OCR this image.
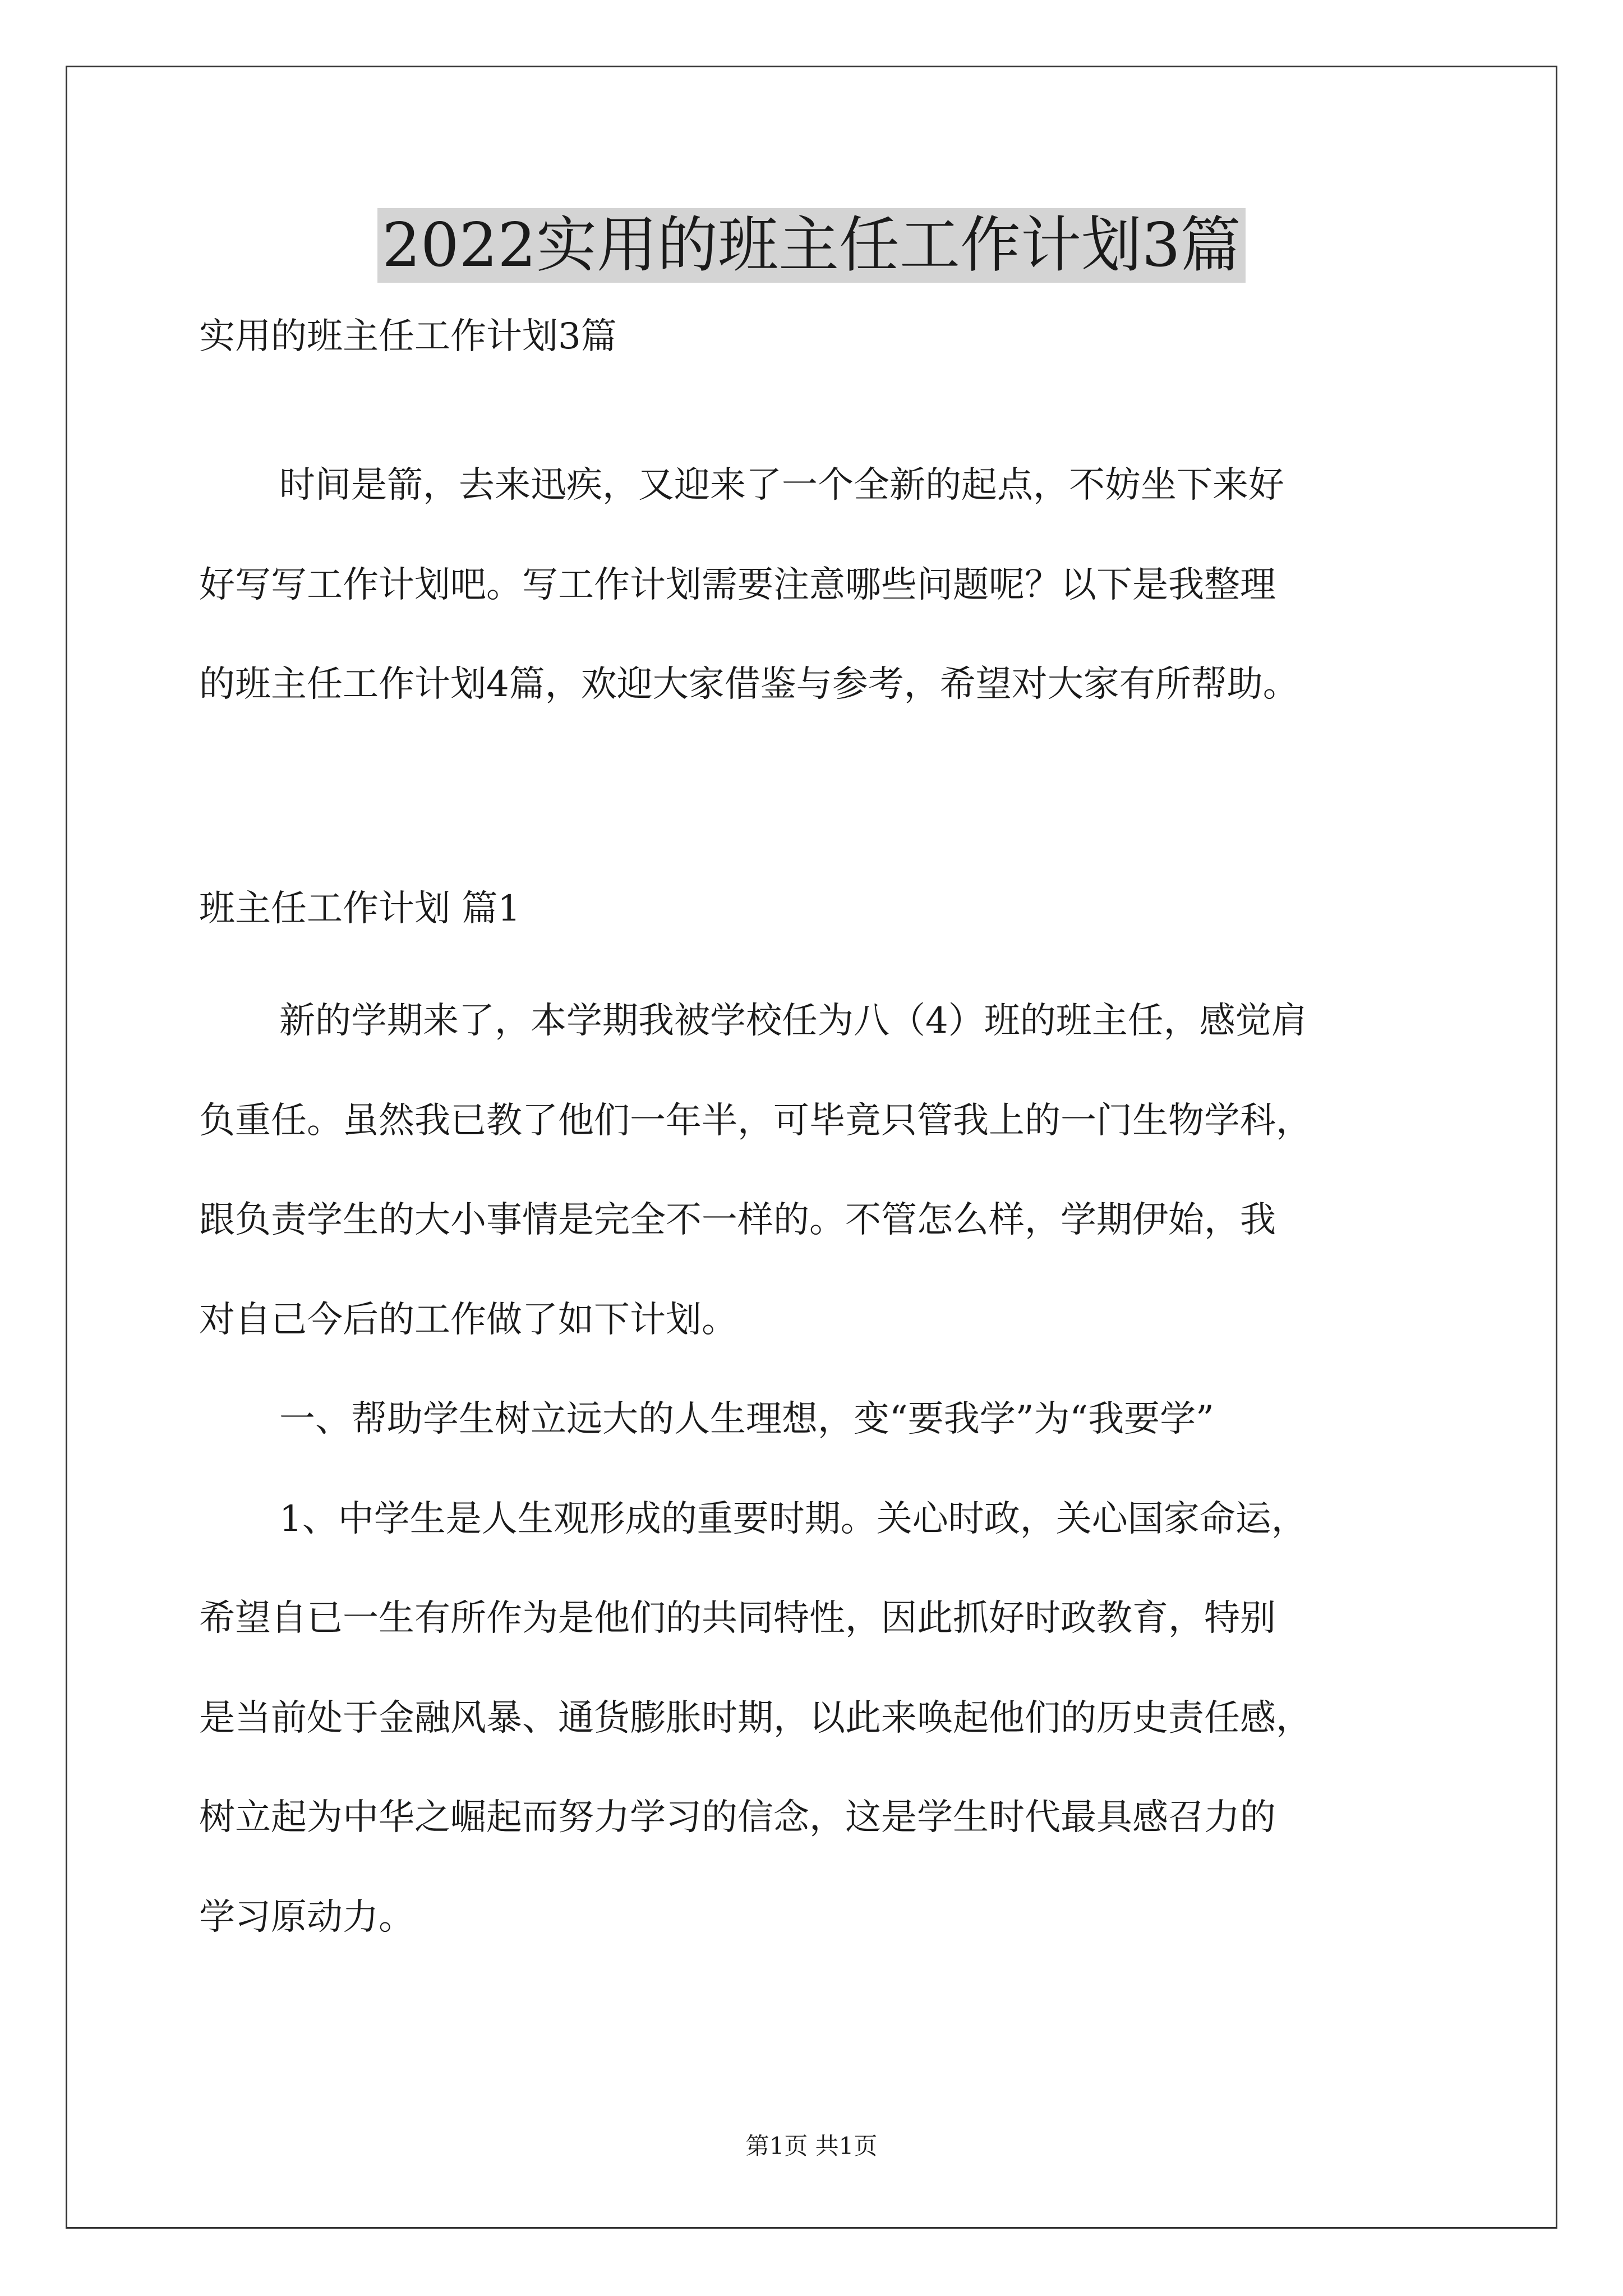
2022实用的班主任工作计划3篇

实用的班主任工作计划3篇

时间是箭，去来迅疾，又迎来了一个全新的起点，不妨坐下来好

好写写工作计划吧。写工作计划需要注意哪些问题呢？以下是我整理

的班主任工作计划4篇，欢迎大家借鉴与参考，希望对大家有所帮助。

班主任工作计划 篇1

新的学期来了，本学期我被学校任为八（4）班的班主任，感觉肩

负重任。虽然我已教了他们一年半，可毕竟只管我上的一门生物学科，

跟负责学生的大小事情是完全不一样的。不管怎么样，学期伊始，我

对自己今后的工作做了如下计划。

一、帮助学生树立远大的人生理想，变“要我学”为“我要学”

1、中学生是人生观形成的重要时期。关心时政，关心国家命运，

希望自已一生有所作为是他们的共同特性，因此抓好时政教育，特别

是当前处于金融风暴、通货膨胀时期，以此来唤起他们的历史责任感，

树立起为中华之崛起而努力学习的信念，这是学生时代最具感召力的

学习原动力。

第1页 共1页
